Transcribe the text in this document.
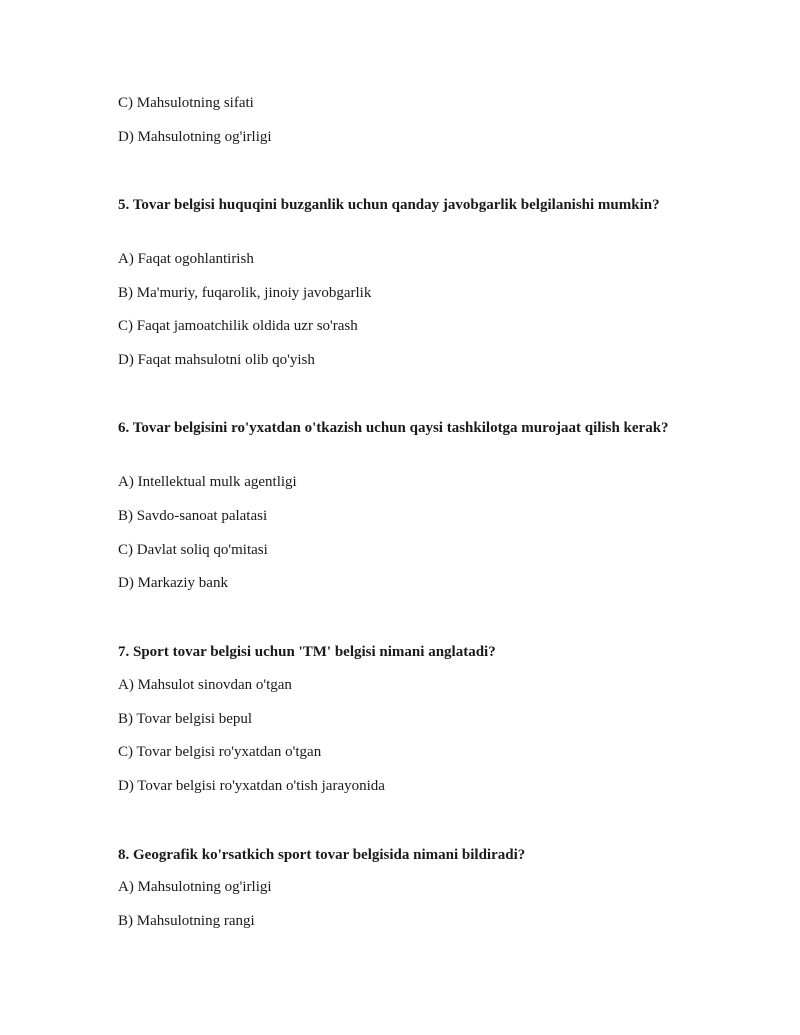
C) Mahsulotning sifati
D) Mahsulotning og'irligi
5. Tovar belgisi huquqini buzganlik uchun qanday javobgarlik belgilanishi mumkin?
A) Faqat ogohlantirish
B) Ma'muriy, fuqarolik, jinoiy javobgarlik
C) Faqat jamoatchilik oldida uzr so'rash
D) Faqat mahsulotni olib qo'yish
6. Tovar belgisini ro'yxatdan o'tkazish uchun qaysi tashkilotga murojaat qilish kerak?
A) Intellektual mulk agentligi
B) Savdo-sanoat palatasi
C) Davlat soliq qo'mitasi
D) Markaziy bank
7. Sport tovar belgisi uchun 'TM' belgisi nimani anglatadi?
A) Mahsulot sinovdan o'tgan
B) Tovar belgisi bepul
C) Tovar belgisi ro'yxatdan o'tgan
D) Tovar belgisi ro'yxatdan o'tish jarayonida
8. Geografik ko'rsatkich sport tovar belgisida nimani bildiradi?
A) Mahsulotning og'irligi
B) Mahsulotning rangi
